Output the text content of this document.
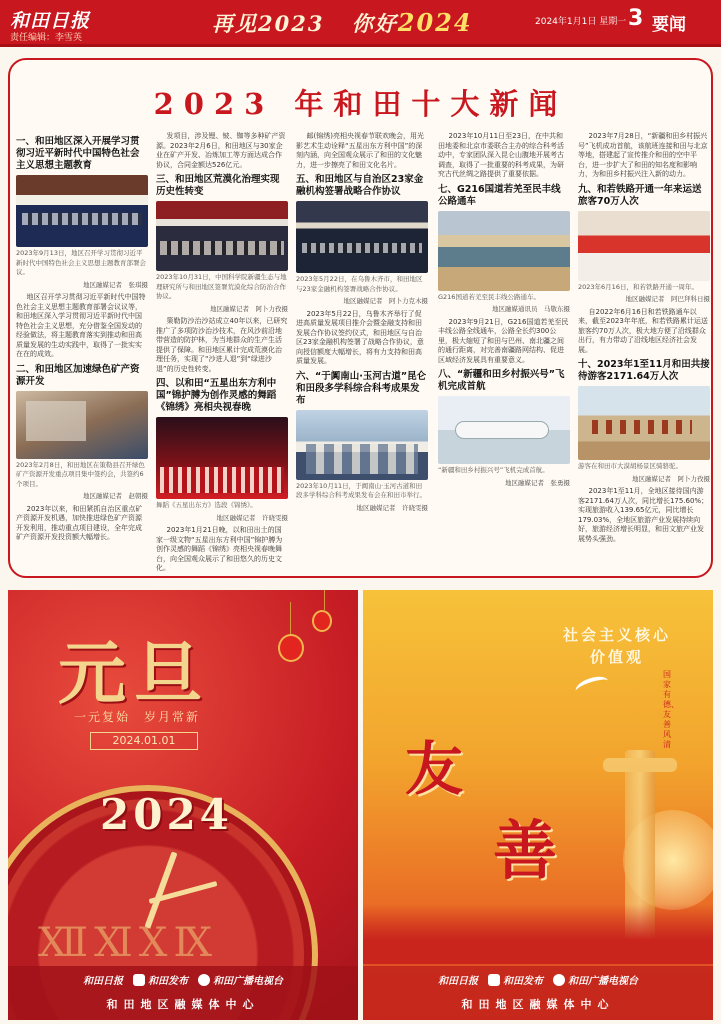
和田日报
责任编辑：李雪英
再见2023 你好2024	2024年1月1日 星期一 3 要闻
2023 年和田十大新闻
一、和田地区深入开展学习贯彻习近平新时代中国特色社会主义思想主题教育
2023年9月13日，地区召开学习贯彻习近平新时代中国特色社会主义思想主题教育部署会议。
地区融媒记者　张琪摄
地区召开学习贯彻习近平新时代中国特色社会主义思想主题教育部署会议议等，和田地区深入学习贯彻习近平新时代中国特色社会主义思想，充分借鉴全国发动的经验做法，将主题教育落实到推动和田高质量发展的生动实践中，取得了一批实实在在的成效。
二、和田地区加速绿色矿产资源开发
2023年2月8日，和田地区在策勒县召开绿色矿产资源开发重点项目集中签约会，共签约6个项目。
地区融媒记者　赵朝摄
2023年以来，和田紧抓自治区重点矿产资源开发机遇，加快推进绿色矿产资源开发利用，推动重点项目建设，全年完成矿产资源开发投资额大幅增长。
发项目，涉及锂、铍、铷等多种矿产资源。2023年2月6日，和田地区与30家企业在矿产开发、冶炼加工等方面达成合作协议，合同金额达526亿元。
三、和田地区荒漠化治理实现历史性转变
2023年10月31日，中国科学院新疆生态与地理研究所与和田地区签署荒漠化综合防治合作协议。
地区融媒记者　阿卜力孜摄
策勒防沙治沙站成立40年以来，已研究推广了多项防沙治沙技术，在风沙前沿地带营造的防护林，为当地群众的生产生活提供了保障。和田地区累计完成荒漠化治理任务，实现了“沙进人退”到“绿进沙退”的历史性转变。
四、以和田“五星出东方利中国”锦护膊为创作灵感的舞蹈《锦绣》亮相央视春晚
舞蹈《五星出东方》选段《锦绣》。
地区融媒记者　许晓雯摄
2023年1月21日晚，以和田出土的国家一级文物“五星出东方利中国”锦护膊为创作灵感的舞蹈《锦绣》亮相央视春晚舞台，向全国观众展示了和田悠久的历史文化。
邮(锦绣)亮相央视春节联欢晚会，用光影艺术生动诠释“五星出东方利中国”的深刻内涵，向全国观众展示了和田的文化魅力，进一步擦亮了和田文化名片。
五、和田地区与自治区23家金融机构签署战略合作协议
2023年5月22日，在乌鲁木齐市，和田地区与23家金融机构签署战略合作协议。
地区融媒记者　阿卜力克木摄
2023年5月22日，乌鲁木齐举行了促进高质量发展项目推介会暨金融支持和田发展合作协议签约仪式，和田地区与自治区23家金融机构签署了战略合作协议，意向授信额度大幅增长，将有力支持和田高质量发展。
六、“于阗南山·玉河古道”昆仑和田段多学科综合科考成果发布
2023年10月11日，于阗南山·玉河古道和田段多学科综合科考成果发布会在和田市举行。
地区融媒记者　许晓雯摄
2023年10月11日至23日，在中共和田地委和北京市委联合主办的综合科考活动中，专家团队深入昆仑山腹地开展考古调查，取得了一批重要的科考成果，为研究古代丝绸之路提供了重要依据。
七、G216国道若羌至民丰线公路通车
G216国道若羌至民丰线公路通车。
地区融媒通讯员　马敬东摄
2023年9月21日，G216国道若羌至民丰线公路全线通车，公路全长约300公里，极大缩短了和田与巴州、南北疆之间的通行距离，对完善南疆路网结构、促进区域经济发展具有重要意义。
八、“新疆和田乡村振兴号”飞机完成首航
“新疆和田乡村振兴号”飞机完成首航。
地区融媒记者　张勇摄
2023年7月28日，“新疆和田乡村振兴号”飞机成功首航，该航班连接和田与北京等地，搭建起了宣传推介和田的空中平台，进一步扩大了和田的知名度和影响力，为和田乡村振兴注入新的动力。
九、和若铁路开通一年来运送旅客70万人次
2023年6月16日，和若铁路开通一周年。
地区融媒记者　阿巴拜科日摄
自2022年6月16日和若铁路通车以来，截至2023年年底，和若铁路累计运送旅客约70万人次，极大地方便了沿线群众出行，有力带动了沿线地区经济社会发展。
十、2023年1至11月和田共接待游客2171.64万人次
游客在和田市大漠胡杨景区骑骆驼。
地区融媒记者　阿卜力孜摄
2023年1至11月，全地区接待国内游客2171.64万人次，同比增长175.60%；实现旅游收入139.65亿元，同比增长179.03%，全地区旅游产业发展持续向好，旅游经济增长明显，和田文旅产业发展势头强劲。
元旦
一元复始　岁月常新
2024.01.01
ⅫⅪⅩⅨ
2024
和田日报	和田发布	和田广播电视台
和田地区融媒体中心
社会主义核心
价值观
国家有德、友善风清
友
善
和田日报	和田发布	和田广播电视台
和田地区融媒体中心
